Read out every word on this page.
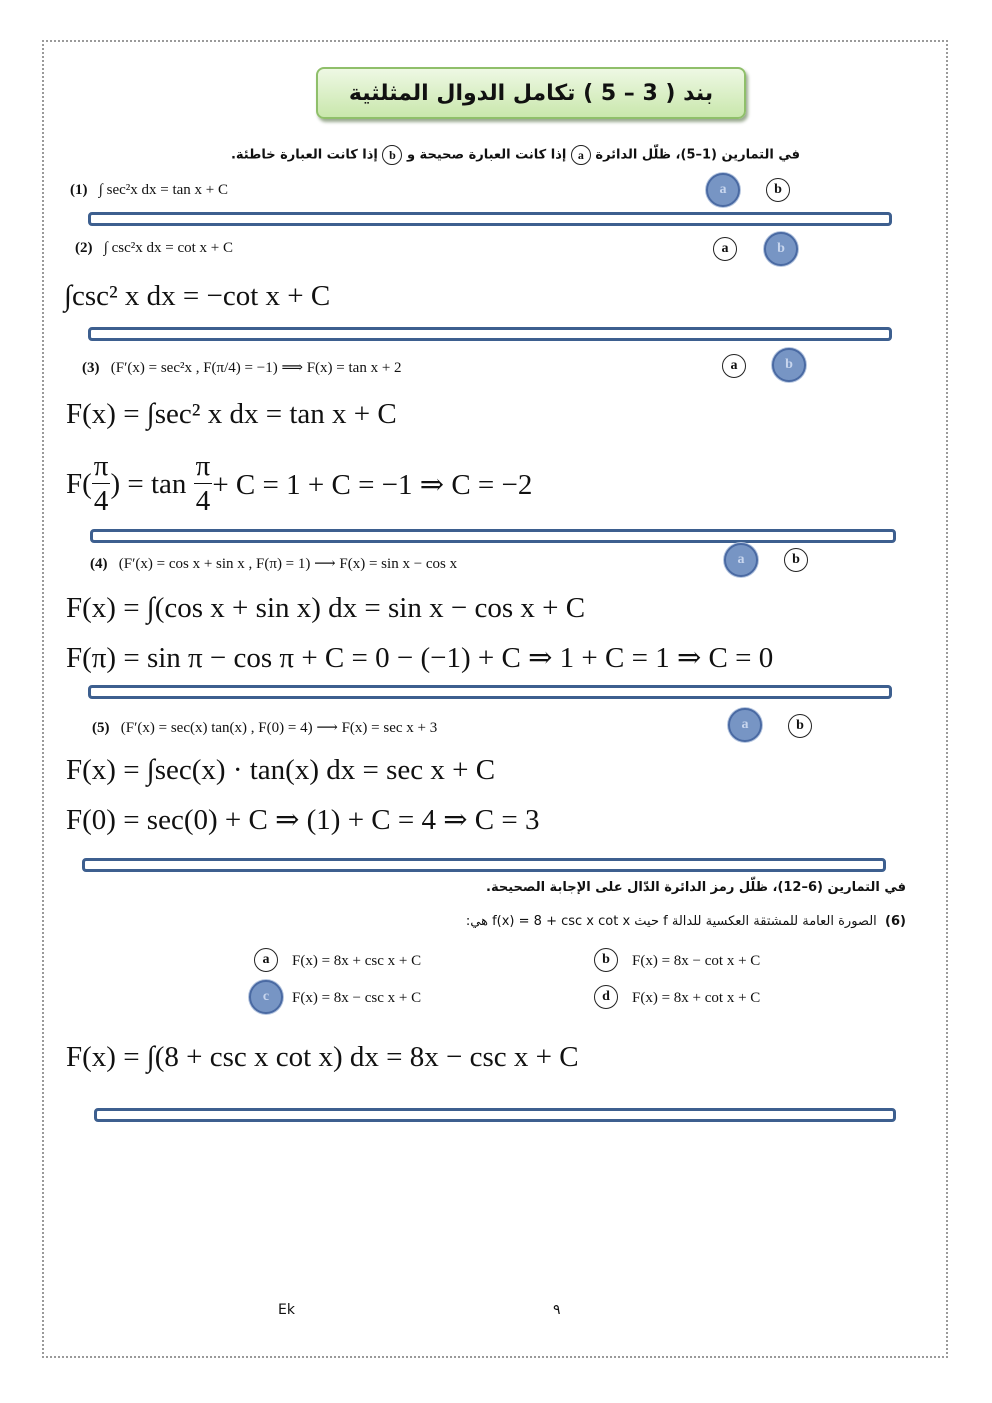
بند ( 3 – 5 ) تكامل الدوال المثلثية
في التمارين (1–5)، ظلّل الدائرة a إذا كانت العبارة صحيحة و b إذا كانت العبارة خاطئة.
(1) ∫ sec²x dx = tan x + C	a	b
(2) ∫ csc²x dx = cot x + C	a	b
∫csc² x dx = −cot x + C
(3) (F′(x) = sec²x , F(π/4) = −1) ⟹ F(x) = tan x + 2	a	b
F(x) = ∫sec² x dx = tan x + C
$F( \frac{\pi}{4}$ ) = tan
$\frac{\pi}{4} + C = 1 + C = -1$ ⇒ C = −2
(4) (F′(x) = cos x + sin x , F(π) = 1) ⟶ F(x) = sin x − cos x	a	b
F(x) = ∫(cos x + sin x) dx = sin x − cos x + C
F(π) = sin π − cos π + C = 0 − (−1) + C ⇒ 1 + C = 1 ⇒ C = 0
(5) (F′(x) = sec(x) tan(x) , F(0) = 4) ⟶ F(x) = sec x + 3	a	b
F(x) = ∫sec(x) · tan(x) dx = sec x + C
F(0) = sec(0) + C ⇒ (1) + C = 4 ⇒ C = 3
في التمارين (6–12)، ظلّل رمز الدائرة الدّال على الإجابة الصحيحة.
(6)  الصورة العامة للمشتقة العكسية للدالة f حيث f(x) = 8 + csc x cot x هي:
a	F(x) = 8x + csc x + C	b	F(x) = 8x − cot x + C
c	F(x) = 8x − csc x + C	d	F(x) = 8x + cot x + C
F(x) = ∫(8 + csc x cot x) dx = 8x − csc x + C
Ek	٩
